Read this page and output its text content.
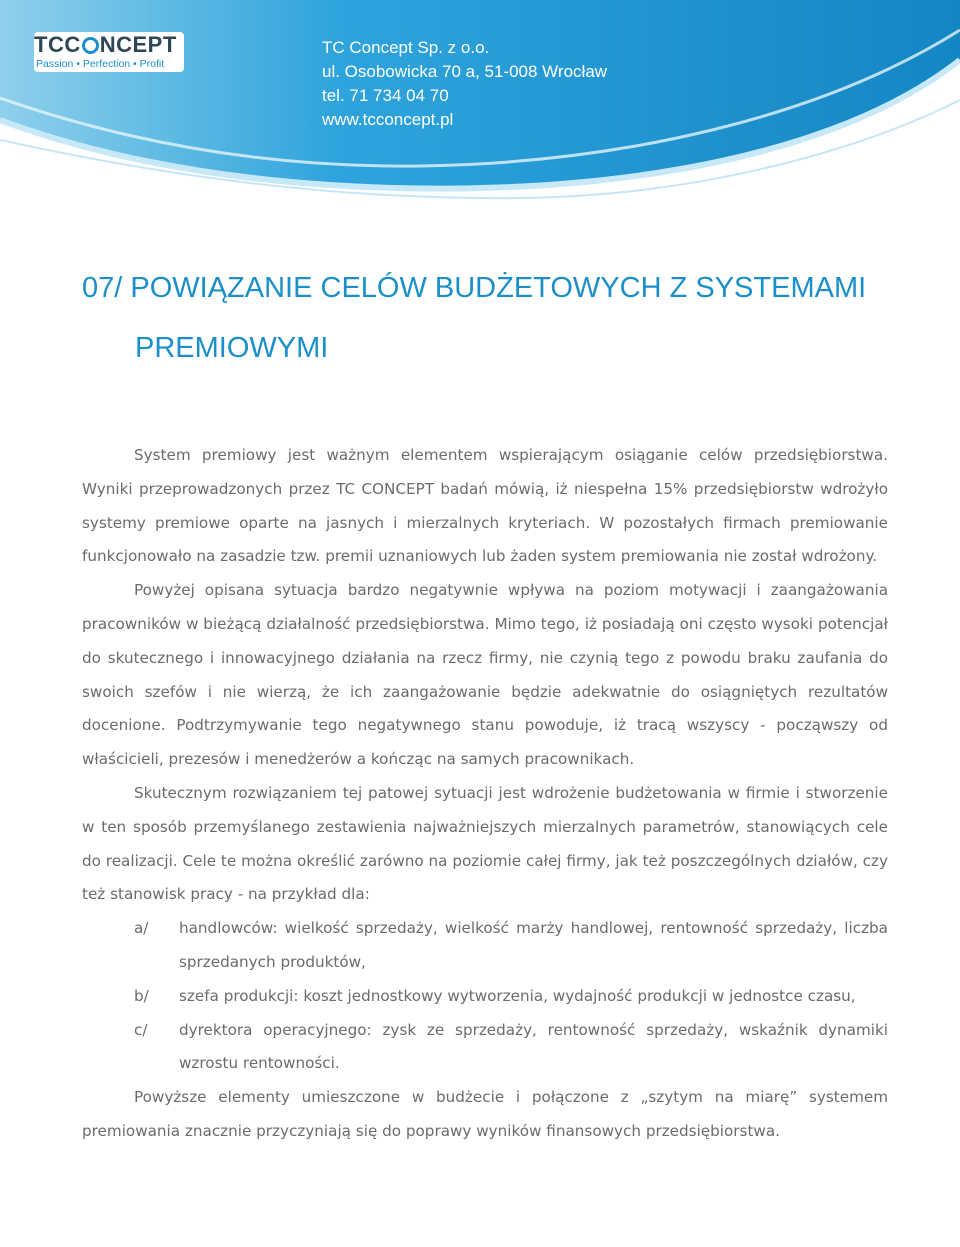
TCC NCEPT
Passion • Perfection • Profit
TC Concept Sp. z o.o.
ul. Osobowicka 70 a, 51-008 Wrocław
tel. 71 734 04 70
www.tcconcept.pl
07/ POWIĄZANIE CELÓW BUDŻETOWYCH Z SYSTEMAMI
PREMIOWYMI

System premiowy jest ważnym elementem wspierającym osiąganie celów przedsiębiorstwa. Wyniki przeprowadzonych przez TC CONCEPT badań mówią, iż niespełna 15% przedsiębiorstw wdrożyło systemy premiowe oparte na jasnych i mierzalnych kryteriach. W pozostałych firmach premiowanie funkcjonowało na zasadzie tzw. premii uznaniowych lub żaden system premiowania nie został wdrożony.

Powyżej opisana sytuacja bardzo negatywnie wpływa na poziom motywacji i zaangażowania pracowników w bieżącą działalność przedsiębiorstwa. Mimo tego, iż posiadają oni często wysoki potencjał do skutecznego i innowacyjnego działania na rzecz firmy, nie czynią tego z powodu braku zaufania do swoich szefów i nie wierzą, że ich zaangażowanie będzie adekwatnie do osiągniętych rezultatów docenione. Podtrzymywanie tego negatywnego stanu powoduje, iż tracą wszyscy - począwszy od właścicieli, prezesów i menedżerów a kończąc na samych pracownikach.

Skutecznym rozwiązaniem tej patowej sytuacji jest wdrożenie budżetowania w firmie i stworzenie w ten sposób przemyślanego zestawienia najważniejszych mierzalnych parametrów, stanowiących cele do realizacji. Cele te można określić zarówno na poziomie całej firmy, jak też poszczególnych działów, czy też stanowisk pracy - na przykład dla:

a/ handlowców: wielkość sprzedaży, wielkość marży handlowej, rentowność sprzedaży, liczba sprzedanych produktów,
b/ szefa produkcji: koszt jednostkowy wytworzenia, wydajność produkcji w jednostce czasu,
c/ dyrektora operacyjnego: zysk ze sprzedaży, rentowność sprzedaży, wskaźnik dynamiki wzrostu rentowności.

Powyższe elementy umieszczone w budżecie i połączone z „szytym na miarę” systemem premiowania znacznie przyczyniają się do poprawy wyników finansowych przedsiębiorstwa.
